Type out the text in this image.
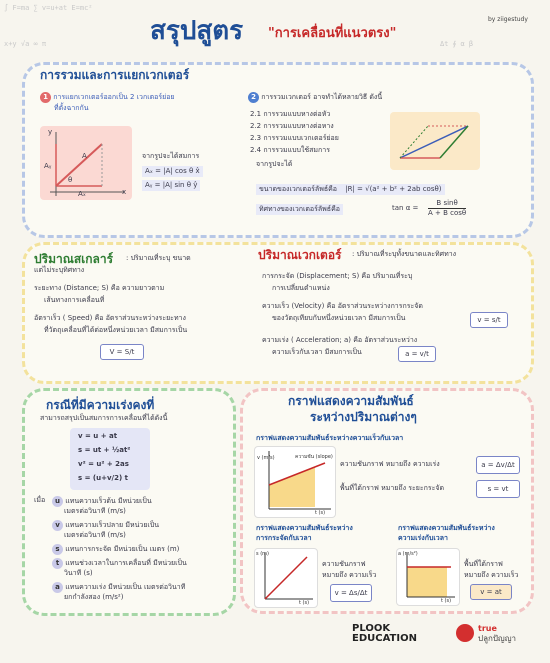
∫ F=ma ∑ v=u+at E=mc²
x+y √a ∞ π	Δt ∮ α β
สรุปสูตร "การเคลื่อนที่แนวตรง"
by ziigestudy
การรวมและการแยกเวกเตอร์
1 การแยกเวกเตอร์ออกเป็น 2 เวกเตอร์ย่อย
ที่ตั้งฉากกัน
y
x
θ
A
Aₓ
Aᵧ
จากรูปจะได้สมการ
Aₓ = |A| cos θ x̂
Aᵧ = |A| sin θ ŷ
2 การรวมเวกเตอร์ อาจทำได้หลายวิธี ดังนี้
2.1 การรวมแบบหางต่อหัว
2.2 การรวมแบบหางต่อหาง
2.3 การรวมแบบเวกเตอร์ย่อย
2.4 การรวมแบบใช้สมการ
จากรูปจะได้
ขนาดของเวกเตอร์ลัพธ์คือ |R| = √(a² + b² + 2ab cosθ)
ทิศทางของเวกเตอร์ลัพธ์คือ	$\tan \alpha = \frac{\text{B sinθ}}{\text{A + B cosθ}}$
ปริมาณสเกลาร์ : ปริมาณที่ระบุ ขนาด
แต่ไม่ระบุทิศทาง
ระยะทาง (Distance; S) คือ ความยาวตาม
เส้นทางการเคลื่อนที่
อัตราเร็ว ( Speed) คือ อัตราส่วนระหว่างระยะทาง
ที่วัตถุเคลื่อนที่ได้ต่อหนึ่งหน่วยเวลา มีสมการเป็น
V = S/t
ปริมาณเวกเตอร์ : ปริมาณที่ระบุทั้งขนาดและทิศทาง
การกระจัด (Displacement; S) คือ ปริมาณที่ระบุ
การเปลี่ยนตำแหน่ง
ความเร็ว (Velocity) คือ อัตราส่วนระหว่างการกระจัด
ของวัตถุเทียบกับหนึ่งหน่วยเวลา มีสมการเป็น	v = s/t
ความเร่ง ( Acceleration; a) คือ อัตราส่วนระหว่าง
ความเร็วกับเวลา มีสมการเป็น	a = v/t
กรณีที่มีความเร่งคงที่
สามารถสรุปเป็นสมการการเคลื่อนที่ได้ดังนี้
v = u + at
s = ut + ½at²
v² = u² + 2as
s = (u+v/2) t
เมื่อ	u แทนความเร็วต้น มีหน่วยเป็น
เมตรต่อวินาที (m/s)
v แทนความเร็วปลาย มีหน่วยเป็น
เมตรต่อวินาที (m/s)
s แทนการกระจัด มีหน่วยเป็น เมตร (m)
t แทนช่วงเวลาในการเคลื่อนที่ มีหน่วยเป็น
วินาที (s)
a แทนความเร่ง มีหน่วยเป็น เมตรต่อวินาที
ยกกำลังสอง (m/s²)
กราฟแสดงความสัมพันธ์
ระหว่างปริมาณต่างๆ
กราฟแสดงความสัมพันธ์ระหว่างความเร็วกับเวลา
v (m/s)
t (s)
ความชัน (slope)
ความชันกราฟ หมายถึง ความเร่ง	a = Δv/Δt
พื้นที่ใต้กราฟ หมายถึง ระยะกระจัด	s = vt
กราฟแสดงความสัมพันธ์ระหว่าง
การกระจัดกับเวลา
s (m)
t (s)
ความชันกราฟ
หมายถึง ความเร็ว
v = Δs/Δt
กราฟแสดงความสัมพันธ์ระหว่าง
ความเร่งกับเวลา
a (m/s²)
t (s)
พื้นที่ใต้กราฟ
หมายถึง ความเร็ว
v = at
PLOOK
EDUCATION
true
ปลูกปัญญา
